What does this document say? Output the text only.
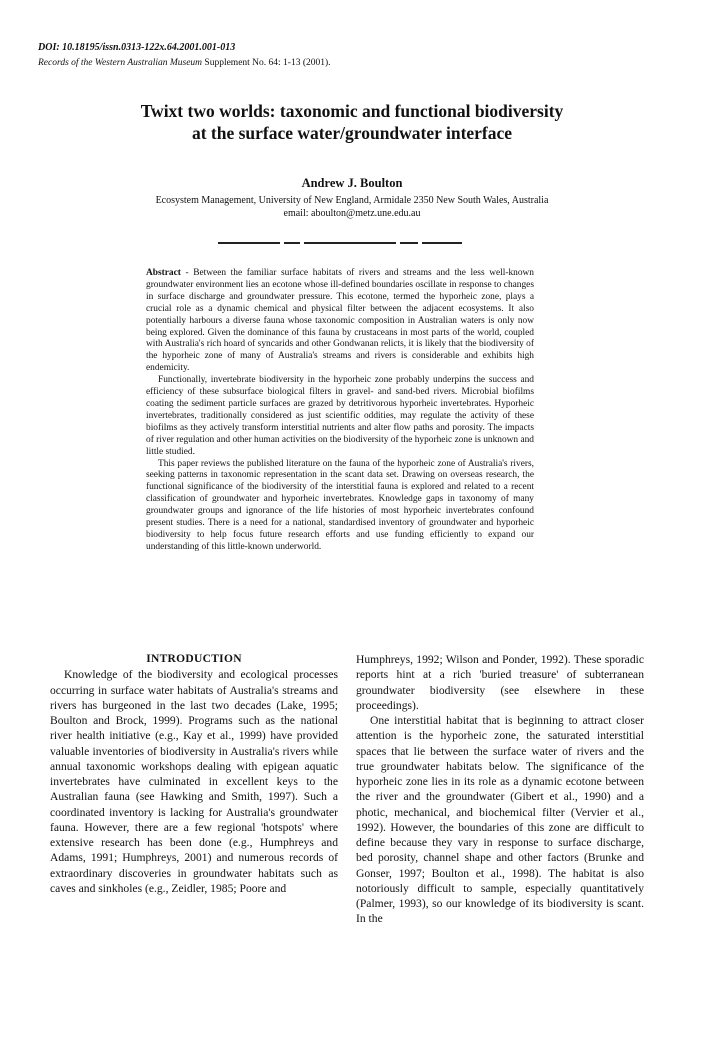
DOI: 10.18195/issn.0313-122x.64.2001.001-013
Records of the Western Australian Museum Supplement No. 64: 1-13 (2001).
Twixt two worlds: taxonomic and functional biodiversity
at the surface water/groundwater interface
Andrew J. Boulton
Ecosystem Management, University of New England, Armidale 2350 New South Wales, Australia
email: aboulton@metz.une.edu.au

Abstract - Between the familiar surface habitats of rivers and streams and the less well-known groundwater environment lies an ecotone whose ill-defined boundaries oscillate in response to changes in surface discharge and groundwater pressure. This ecotone, termed the hyporheic zone, plays a crucial role as a dynamic chemical and physical filter between the adjacent ecosystems. It also potentially harbours a diverse fauna whose taxonomic composition in Australian waters is only now being explored. Given the dominance of this fauna by crustaceans in most parts of the world, coupled with Australia's rich hoard of syncarids and other Gondwanan relicts, it is likely that the biodiversity of the hyporheic zone of many of Australia's streams and rivers is considerable and exhibits high endemicity.

Functionally, invertebrate biodiversity in the hyporheic zone probably underpins the success and efficiency of these subsurface biological filters in gravel- and sand-bed rivers. Microbial biofilms coating the sediment particle surfaces are grazed by detritivorous hyporheic invertebrates. Hyporheic invertebrates, traditionally considered as just scientific oddities, may regulate the activity of these biofilms as they actively transform interstitial nutrients and alter flow paths and porosity. The impacts of river regulation and other human activities on the biodiversity of the hyporheic zone is unknown and little studied.

This paper reviews the published literature on the fauna of the hyporheic zone of Australia's rivers, seeking patterns in taxonomic representation in the scant data set. Drawing on overseas research, the functional significance of the biodiversity of the interstitial fauna is explored and related to a recent classification of groundwater and hyporheic invertebrates. Knowledge gaps in taxonomy of many groundwater groups and ignorance of the life histories of most hyporheic invertebrates confound present studies. There is a need for a national, standardised inventory of groundwater and hyporheic biodiversity to help focus future research efforts and use funding efficiently to expand our understanding of this little-known underworld.

INTRODUCTION

Knowledge of the biodiversity and ecological processes occurring in surface water habitats of Australia's streams and rivers has burgeoned in the last two decades (Lake, 1995; Boulton and Brock, 1999). Programs such as the national river health initiative (e.g., Kay et al., 1999) have provided valuable inventories of biodiversity in Australia's rivers while annual taxonomic workshops dealing with epigean aquatic invertebrates have culminated in excellent keys to the Australian fauna (see Hawking and Smith, 1997). Such a coordinated inventory is lacking for Australia's groundwater fauna. However, there are a few regional 'hotspots' where extensive research has been done (e.g., Humphreys and Adams, 1991; Humphreys, 2001) and numerous records of extraordinary discoveries in groundwater habitats such as caves and sinkholes (e.g., Zeidler, 1985; Poore and

Humphreys, 1992; Wilson and Ponder, 1992). These sporadic reports hint at a rich 'buried treasure' of subterranean groundwater biodiversity (see elsewhere in these proceedings).

One interstitial habitat that is beginning to attract closer attention is the hyporheic zone, the saturated interstitial spaces that lie between the surface water of rivers and the true groundwater habitats below. The significance of the hyporheic zone lies in its role as a dynamic ecotone between the river and the groundwater (Gibert et al., 1990) and a photic, mechanical, and biochemical filter (Vervier et al., 1992). However, the boundaries of this zone are difficult to define because they vary in response to surface discharge, bed porosity, channel shape and other factors (Brunke and Gonser, 1997; Boulton et al., 1998). The habitat is also notoriously difficult to sample, especially quantitatively (Palmer, 1993), so our knowledge of its biodiversity is scant. In the
